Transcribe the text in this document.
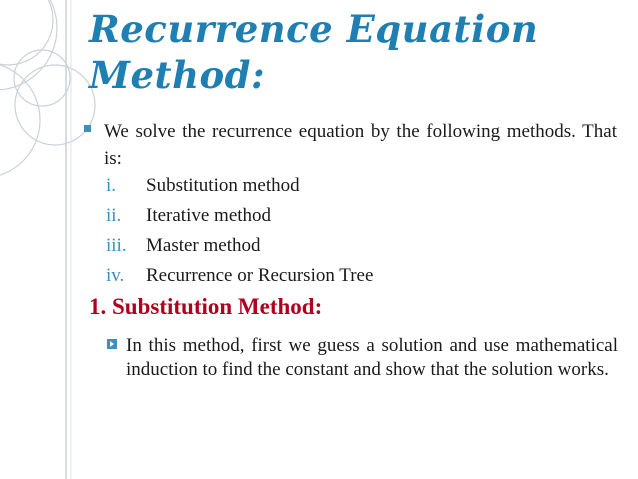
Recurrence Equation Method:

We solve the recurrence equation by the following methods. That is:

i. Substitution method
ii. Iterative method
iii. Master method
iv. Recurrence or Recursion Tree
1. Substitution Method:

In this method, first we guess a solution and use mathematical induction to find the constant and show that the solution works.
